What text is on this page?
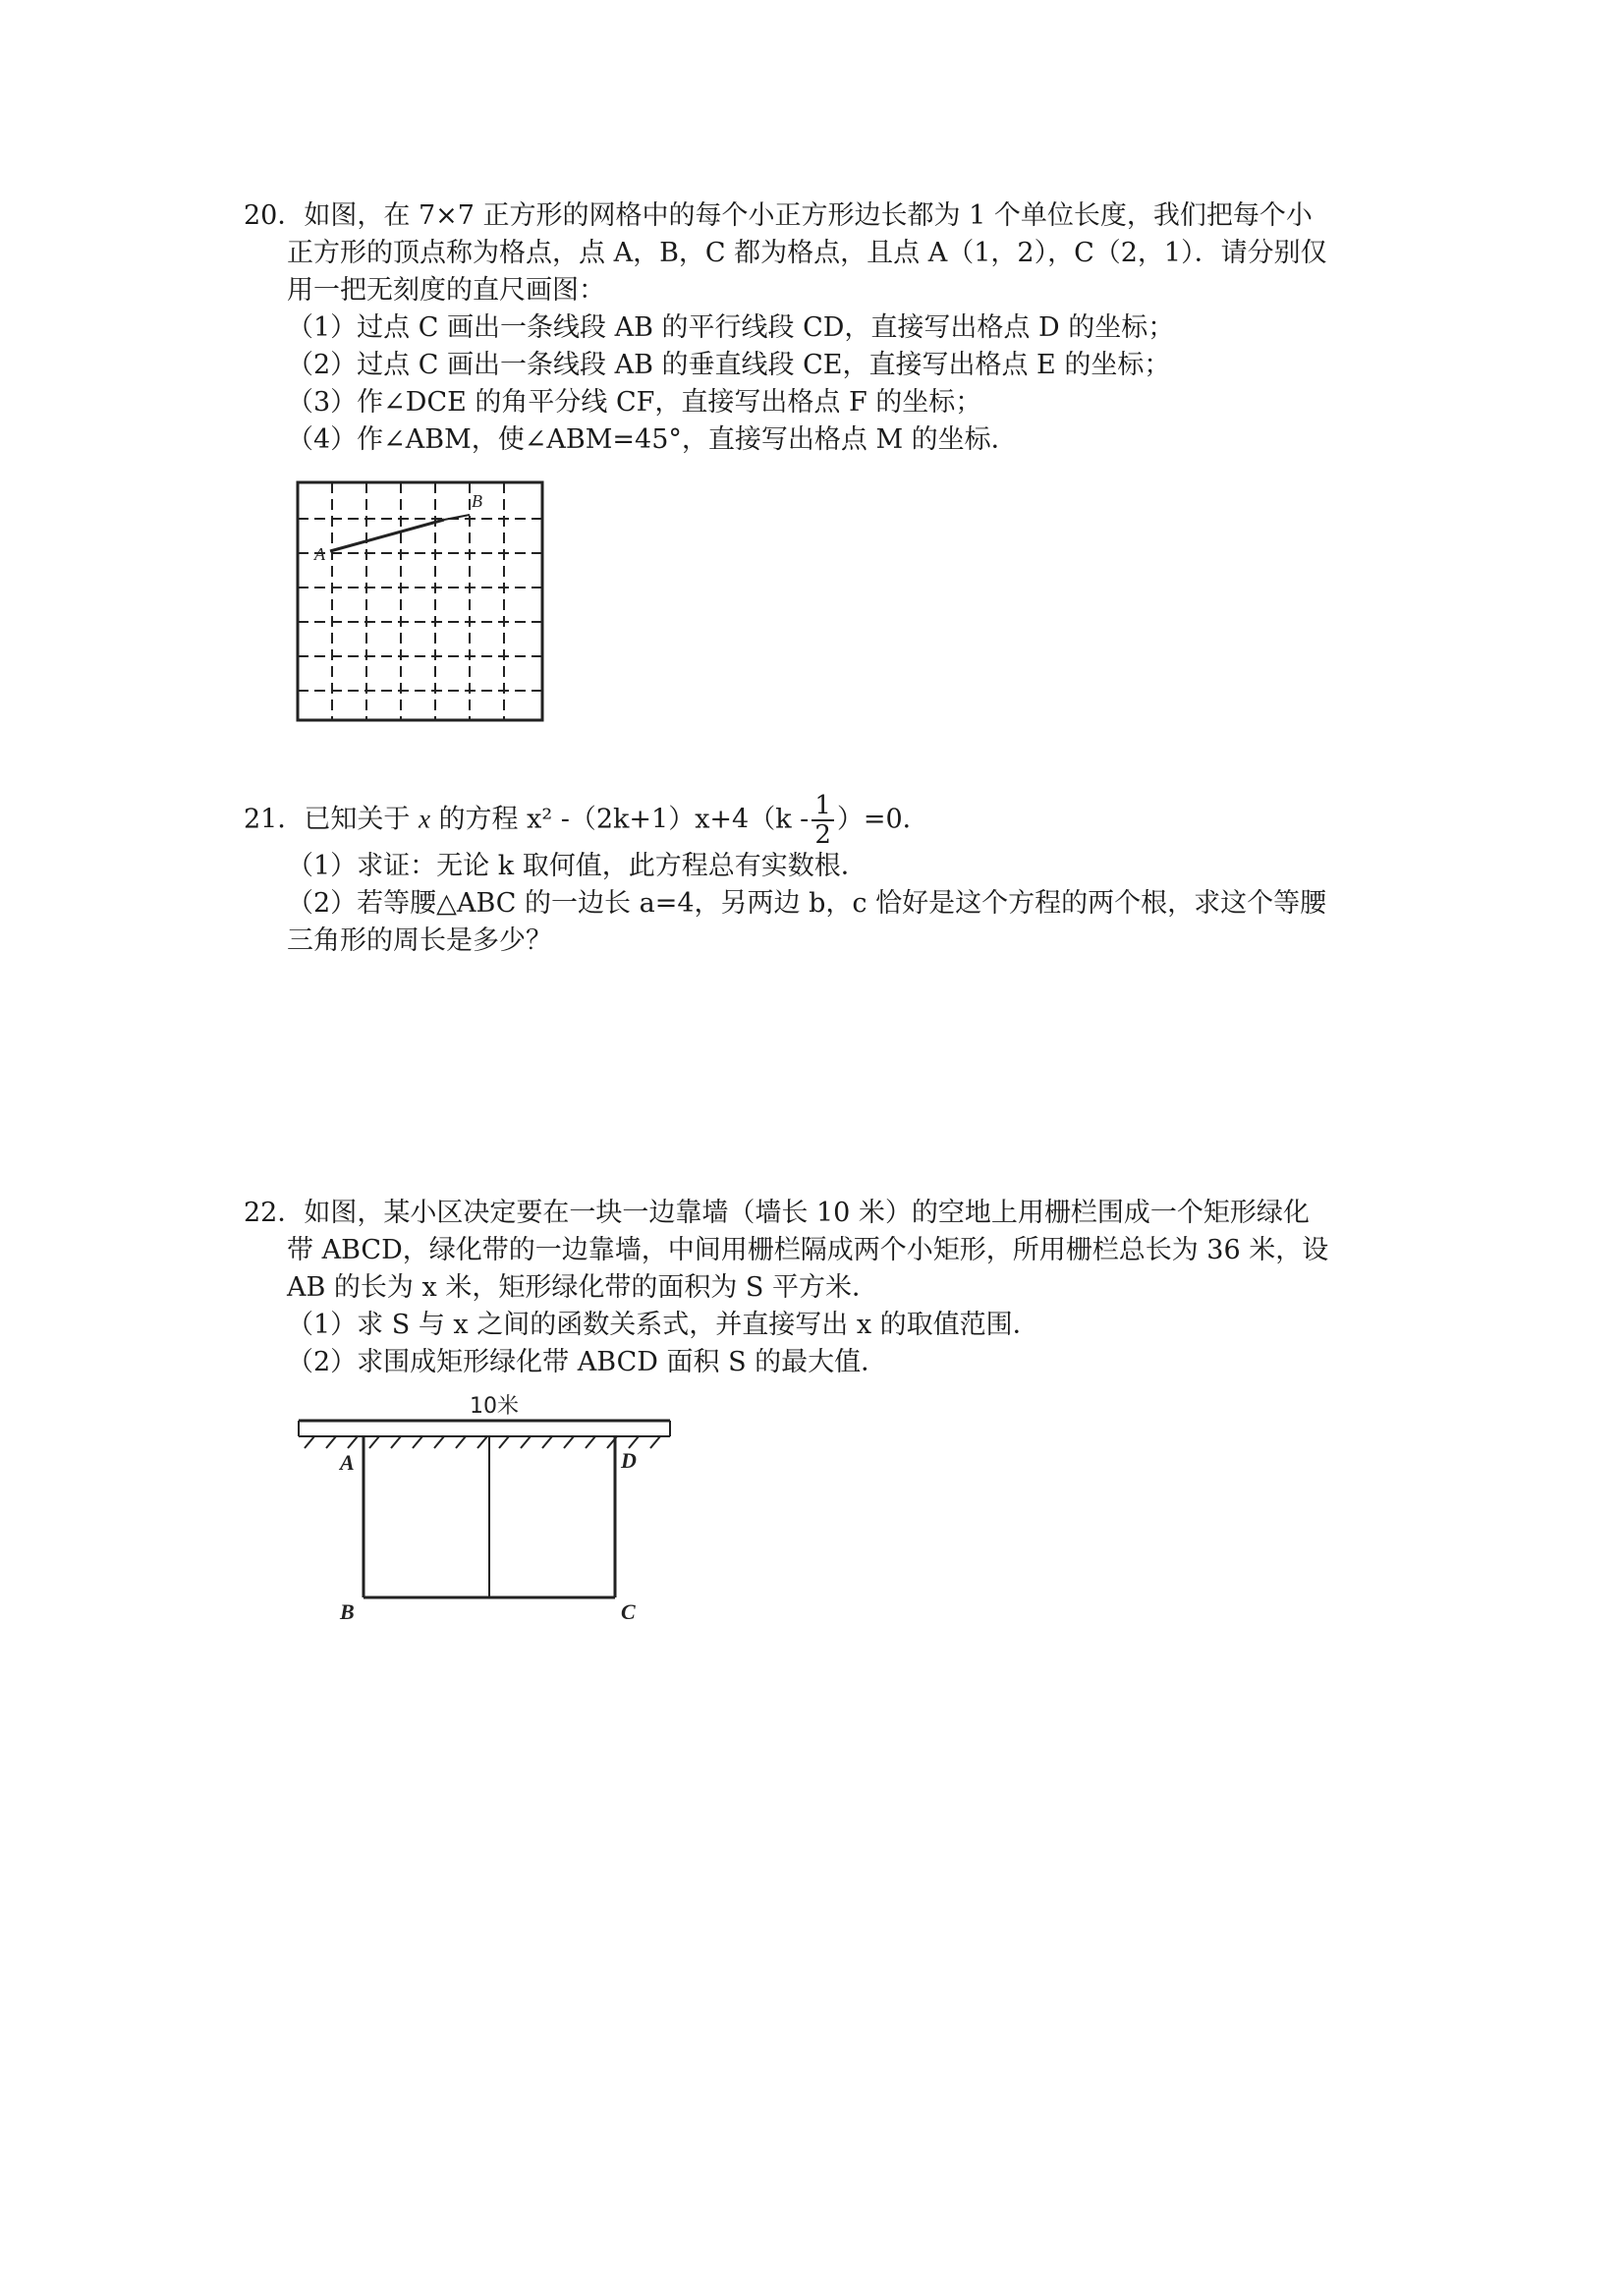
20．如图，在 7×7 正方形的网格中的每个小正方形边长都为 1 个单位长度，我们把每个小
正方形的顶点称为格点，点 A，B，C 都为格点，且点 A（1，2），C（2，1）．请分别仅
用一把无刻度的直尺画图：
（1）过点 C 画出一条线段 AB 的平行线段 CD，直接写出格点 D 的坐标；
（2）过点 C 画出一条线段 AB 的垂直线段 CE，直接写出格点 E 的坐标；
（3）作∠DCE 的角平分线 CF，直接写出格点 F 的坐标；
（4）作∠ABM，使∠ABM=45°，直接写出格点 M 的坐标．
A
B
21．已知关于 x 的方程 x² $-(2k+1)x+4(k - \frac{1}{2} )=0$．
（1）求证：无论 k 取何值，此方程总有实数根．
（2）若等腰△ABC 的一边长 a=4，另两边 b，c 恰好是这个方程的两个根，求这个等腰
三角形的周长是多少？
22．如图，某小区决定要在一块一边靠墙（墙长 10 米）的空地上用栅栏围成一个矩形绿化
带 ABCD，绿化带的一边靠墙，中间用栅栏隔成两个小矩形，所用栅栏总长为 36 米，设
AB 的长为 x 米，矩形绿化带的面积为 S 平方米．
（1）求 S 与 x 之间的函数关系式，并直接写出 x 的取值范围．
（2）求围成矩形绿化带 ABCD 面积 S 的最大值．
10米
A	D
B	C
